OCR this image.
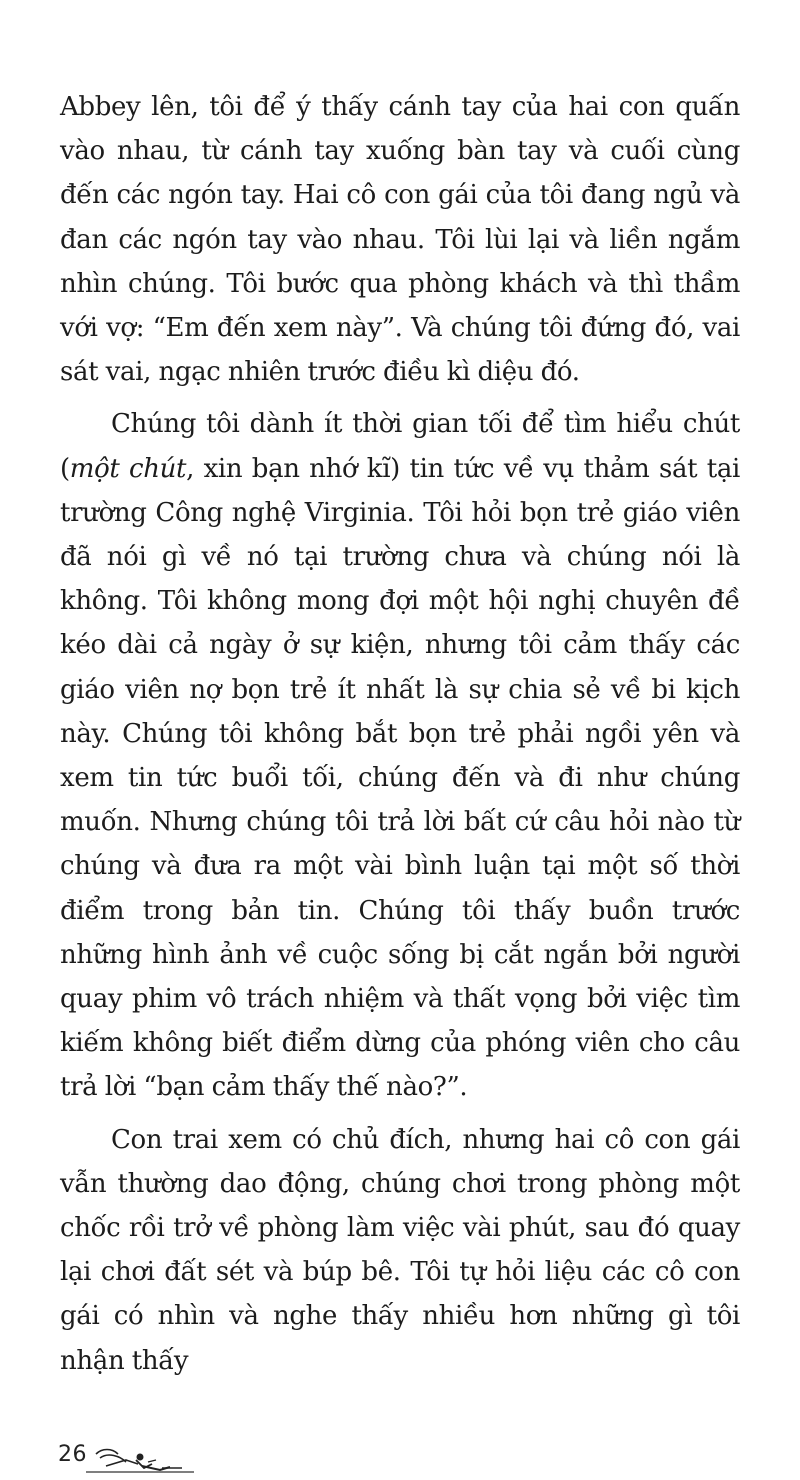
Abbey lên, tôi để ý thấy cánh tay của hai con quấn vào nhau, từ cánh tay xuống bàn tay và cuối cùng đến các ngón tay. Hai cô con gái của tôi đang ngủ và đan các ngón tay vào nhau. Tôi lùi lại và liền ngắm nhìn chúng. Tôi bước qua phòng khách và thì thầm với vợ: “Em đến xem này”. Và chúng tôi đứng đó, vai sát vai, ngạc nhiên trước điều kì diệu đó.

Chúng tôi dành ít thời gian tối để tìm hiểu chút (một chút, xin bạn nhớ kĩ) tin tức về vụ thảm sát tại trường Công nghệ Virginia. Tôi hỏi bọn trẻ giáo viên đã nói gì về nó tại trường chưa và chúng nói là không. Tôi không mong đợi một hội nghị chuyên đề kéo dài cả ngày ở sự kiện, nhưng tôi cảm thấy các giáo viên nợ bọn trẻ ít nhất là sự chia sẻ về bi kịch này. Chúng tôi không bắt bọn trẻ phải ngồi yên và xem tin tức buổi tối, chúng đến và đi như chúng muốn. Nhưng chúng tôi trả lời bất cứ câu hỏi nào từ chúng và đưa ra một vài bình luận tại một số thời điểm trong bản tin. Chúng tôi thấy buồn trước những hình ảnh về cuộc sống bị cắt ngắn bởi người quay phim vô trách nhiệm và thất vọng bởi việc tìm kiếm không biết điểm dừng của phóng viên cho câu trả lời “bạn cảm thấy thế nào?”.

Con trai xem có chủ đích, nhưng hai cô con gái vẫn thường dao động, chúng chơi trong phòng một chốc rồi trở về phòng làm việc vài phút, sau đó quay lại chơi đất sét và búp bê. Tôi tự hỏi liệu các cô con gái có nhìn và nghe thấy nhiều hơn những gì tôi nhận thấy

26
